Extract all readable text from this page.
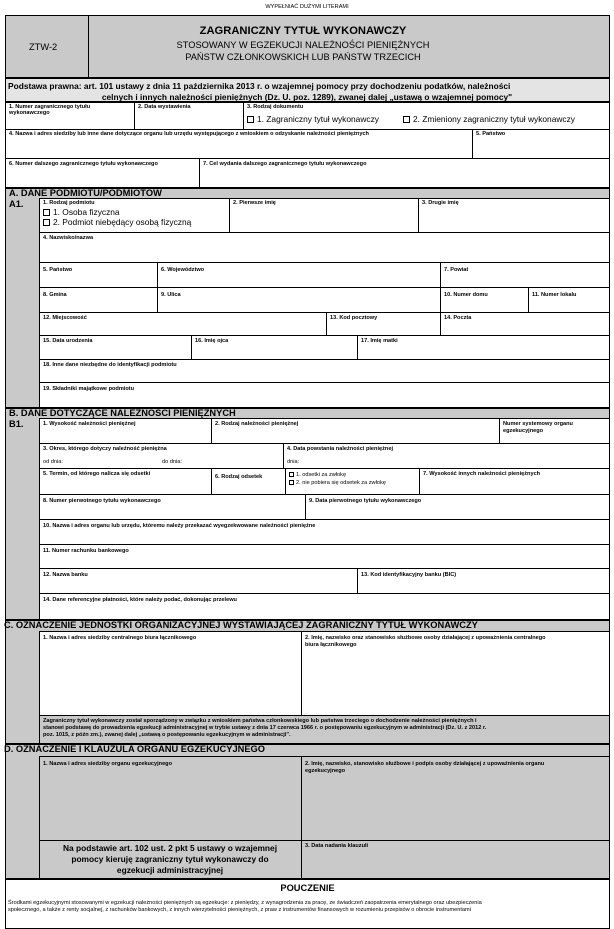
WYPEŁNIAĆ DUŻYMI LITERAMI
ZTW-2
ZAGRANICZNY TYTUŁ WYKONAWCZY
STOSOWANY W EGZEKUCJI NALEŻNOŚCI PIENIĘŻNYCH
PAŃSTW CZŁONKOWSKICH LUB PAŃSTW TRZECICH
Podstawa prawna: art. 101 ustawy z dnia 11 października 2013 r. o wzajemnej pomocy przy dochodzeniu podatków, należności
celnych i innych należności pieniężnych (Dz. U. poz. 1289), zwanej dalej „ustawą o wzajemnej pomocy"
1. Numer zagranicznego tytułu
wykonawczego
2. Data wystawienia	3. Rodzaj dokumentu
1. Zagraniczny tytuł wykonawczy	2. Zmieniony zagraniczny tytuł wykonawczy
4. Nazwa i adres siedziby lub inne dane dotyczące organu lub urzędu występującego z wnioskiem o odzyskanie należności pieniężnych	5. Państwo
6. Numer dalszego zagranicznego tytułu wykonawczego	7. Cel wydania dalszego zagranicznego tytułu wykonawczego
A. DANE PODMIOTU/PODMIOTÓW
A1.	1. Rodzaj podmiotu
1. Osoba fizyczna
2. Podmiot niebędący osobą fizyczną
2. Pierwsze imię	3. Drugie imię
4. Nazwisko/nazwa
5. Państwo	6. Województwo	7. Powiat
8. Gmina	9. Ulica	10. Numer domu	11. Numer lokalu
12. Miejscowość	13. Kod pocztowy	14. Poczta
15. Data urodzenia	16. Imię ojca	17. Imię matki
18. Inne dane niezbędne do identyfikacji podmiotu
19. Składniki majątkowe podmiotu
B. DANE DOTYCZĄCE NALEŻNOŚCI PIENIĘŻNYCH
B1.	1. Wysokość należności pieniężnej	2. Rodzaj należności pieniężnej	Numer systemowy organu
egzekucyjnego
3. Okres, którego dotyczy należność pieniężna
od dnia:	do dnia:
4. Data powstania należności pieniężnej
dnia:
5. Termin, od którego nalicza się odsetki	6. Rodzaj odsetek	1. odsetki za zwłokę
2. nie pobiera się odsetek za zwłokę
7. Wysokość innych należności pieniężnych
8. Numer pierwotnego tytułu wykonawczego	9. Data pierwotnego tytułu wykonawczego
10. Nazwa i adres organu lub urzędu, któremu należy przekazać wyegzekwowane należności pieniężne
11. Numer rachunku bankowego
12. Nazwa banku	13. Kod identyfikacyjny banku (BIC)
14. Dane referencyjne płatności, które należy podać, dokonując przelewu
C. OZNACZENIE JEDNOSTKI ORGANIZACYJNEJ WYSTAWIAJĄCEJ ZAGRANICZNY TYTUŁ WYKONAWCZY
1. Nazwa i adres siedziby centralnego biura łącznikowego	2. Imię, nazwisko oraz stanowisko służbowe osoby działającej z upoważnienia centralnego
biura łącznikowego
Zagraniczny tytuł wykonawczy został sporządzony w związku z wnioskiem państwa członkowskiego lub państwa trzeciego o dochodzenie należności pieniężnych i
stanowi podstawę do prowadzenia egzekucji administracyjnej w trybie ustawy z dnia 17 czerwca 1966 r. o postępowaniu egzekucyjnym w administracji (Dz. U. z 2012 r.
poz. 1015, z późn zm.), zwanej dalej „ustawą o postępowaniu egzekucyjnym w administracji".
D. OZNACZENIE I KLAUZULA ORGANU EGZEKUCYJNEGO
1. Nazwa i adres siedziby organu egzekucyjnego	2. Imię, nazwisko, stanowisko służbowe i podpis osoby działającej z upoważnienia organu
egzekucyjnego
Na podstawie art. 102 ust. 2 pkt 5 ustawy o wzajemnej
pomocy kieruję zagraniczny tytuł wykonawczy do
egzekucji administracyjnej
3. Data nadania klauzuli
POUCZENIE
Środkami egzekucyjnymi stosowanymi w egzekucji należności pieniężnych są egzekucje: z pieniędzy, z wynagrodzenia za pracę, ze świadczeń zaopatrzenia emerytalnego oraz ubezpieczenia
społecznego, a także z renty socjalnej, z rachunków bankowych, z innych wierzytelności pieniężnych, z praw z instrumentów finansowych w rozumieniu przepisów o obrocie instrumentami
